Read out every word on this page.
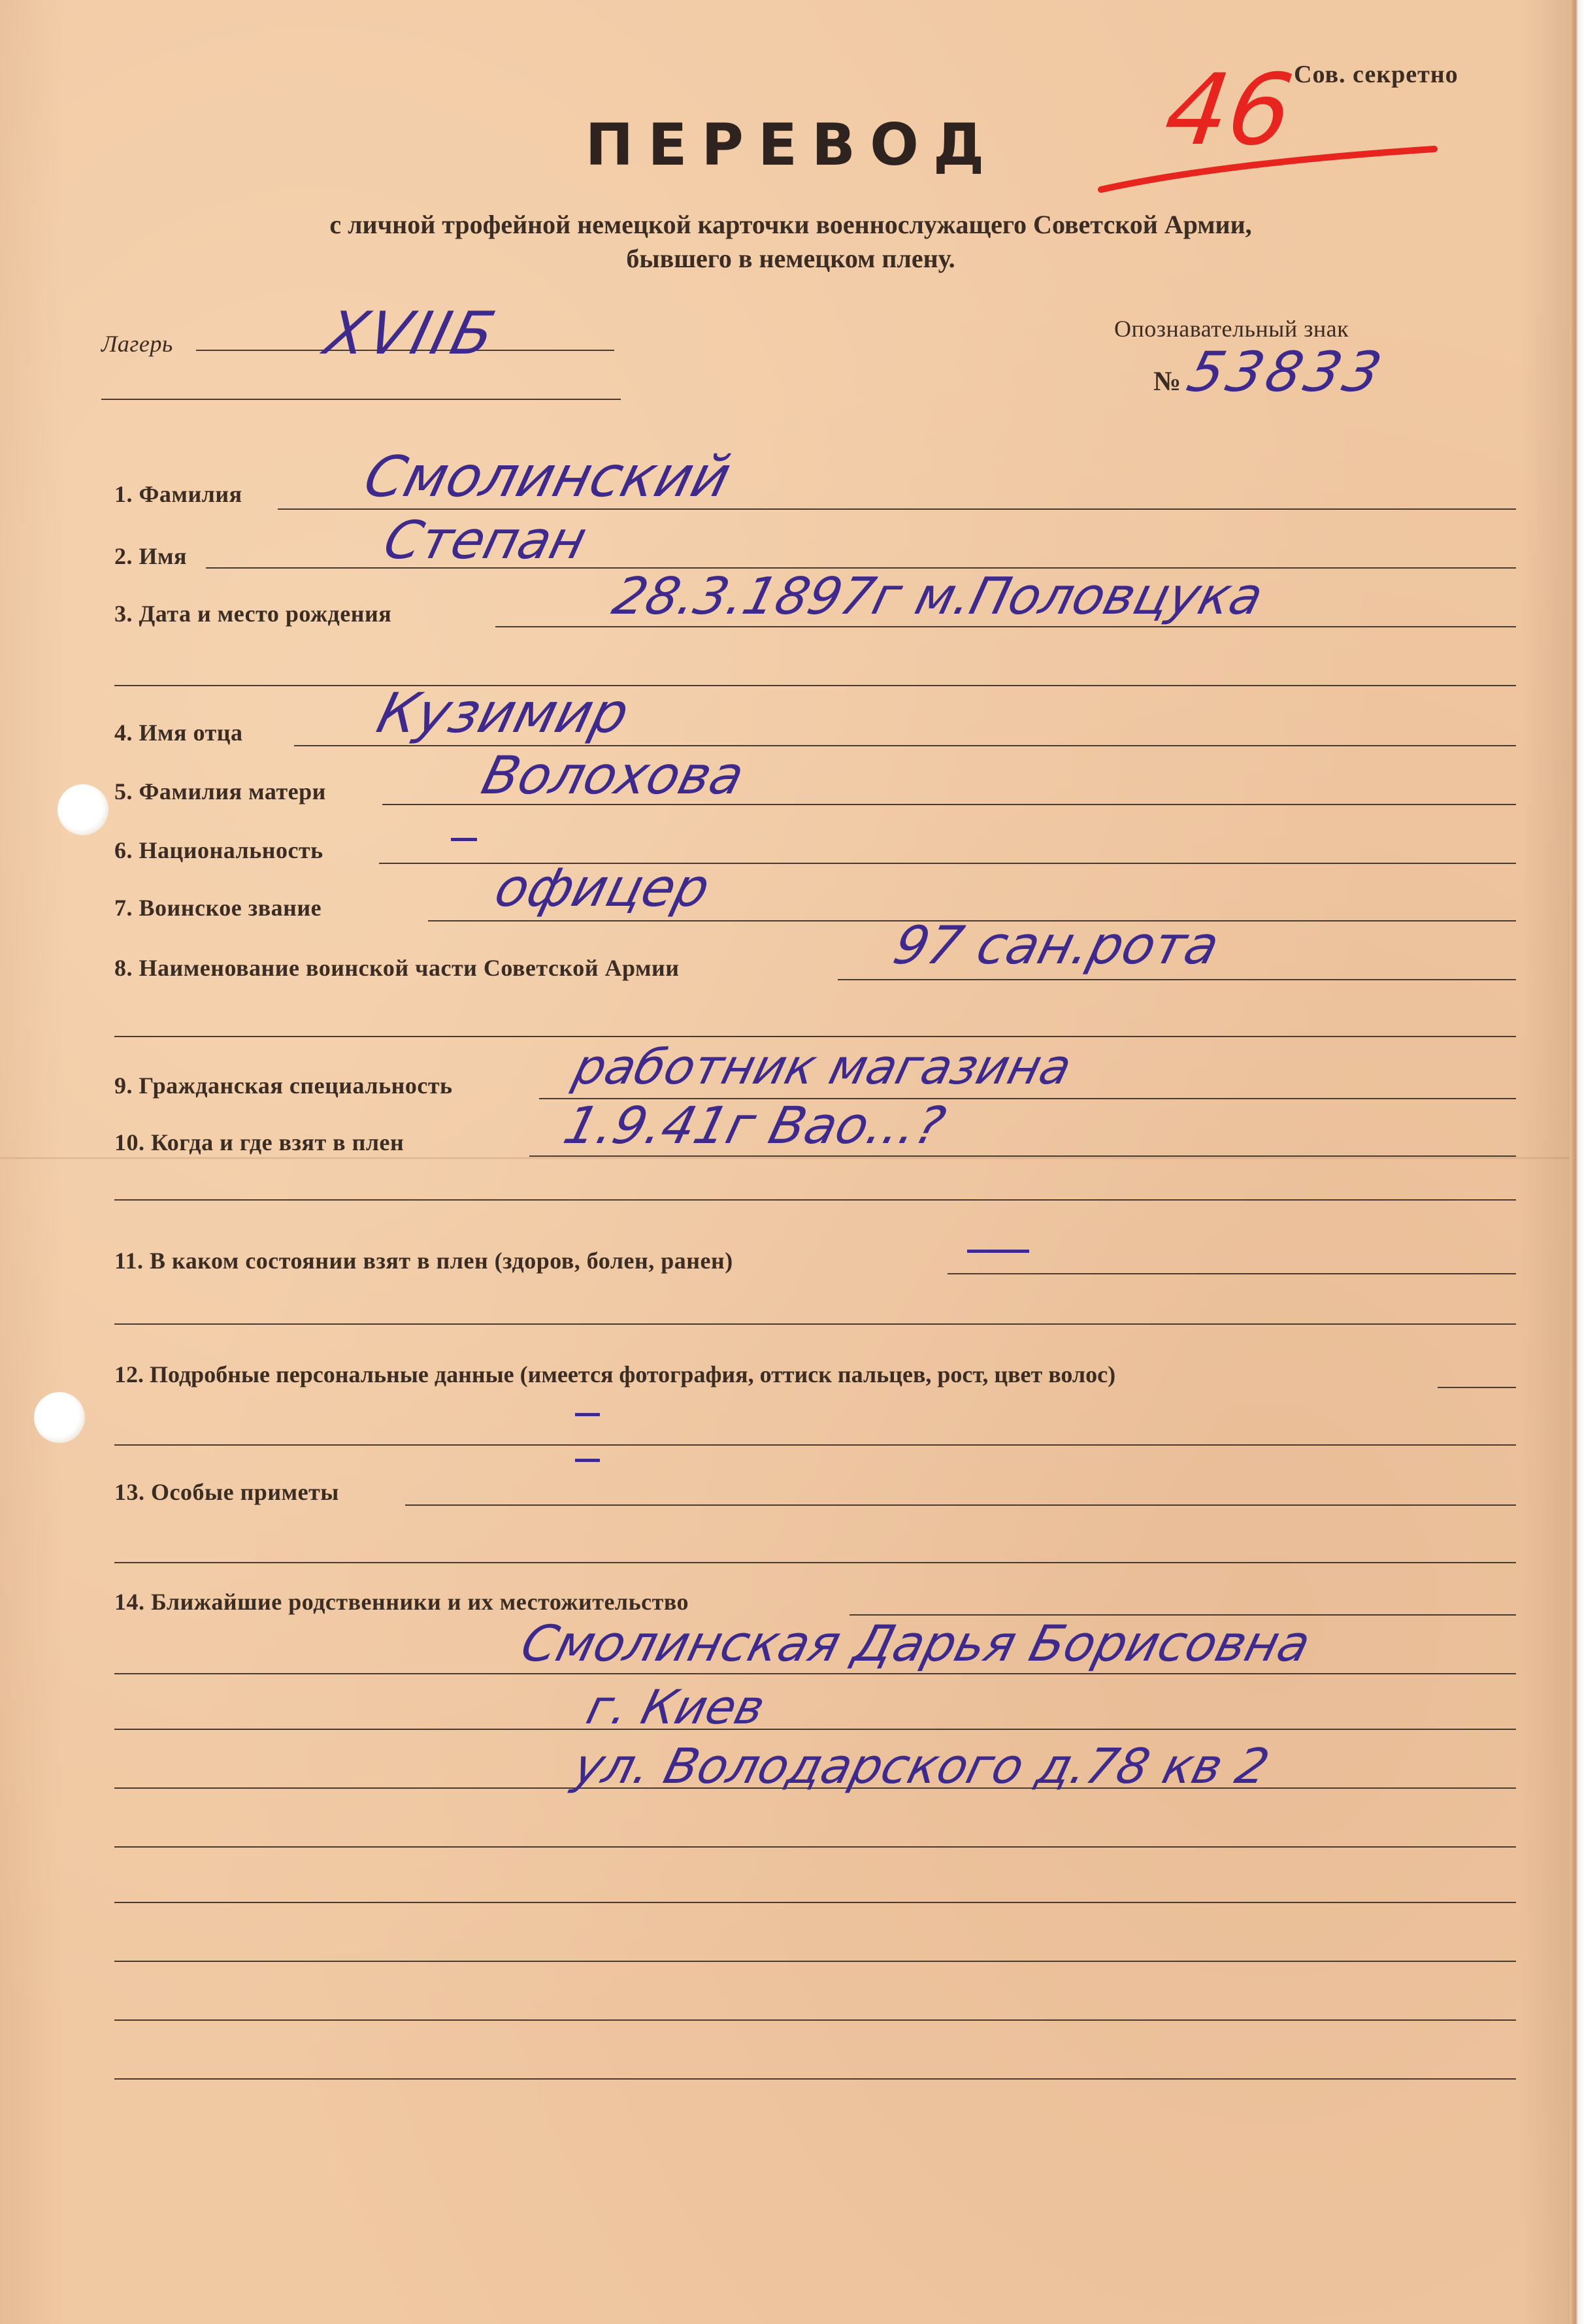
Сов. секретно
46
ПЕРЕВОД
с личной трофейной немецкой карточки военнослужащего Советской Армии,
бывшего в немецком плену.
Лагерь XVIIБ	Опознавательный знак
№ 53833
1. Фамилия Смолинский
2. Имя	Степан
3. Дата и место рождения	28.3.1897г м.Половцука
4. Имя отца Кузимир
5. Фамилия матери	Волохова
6. Национальность
7. Воинское звание	офицер
8. Наименование воинской части Советской Армии	97 сан.рота
9. Гражданская специальность работник магазина
10. Когда и где взят в плен	1.9.41г Вао...?
11. В каком состоянии взят в плен (здоров, болен, ранен)
12. Подробные персональные данные (имеется фотография, оттиск пальцев, рост, цвет волос)
13. Особые приметы
14. Ближайшие родственники и их местожительство
Смолинская Дарья Борисовна
г. Киев
ул. Володарского д.78 кв 2
